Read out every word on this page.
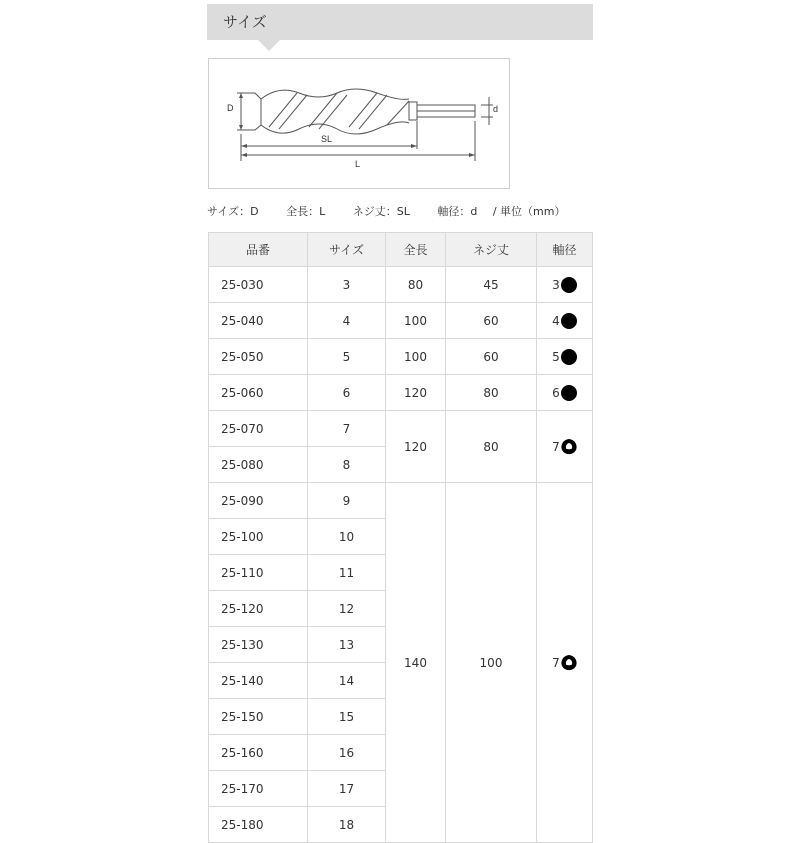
サイズ
D
SL
L
d
サイズ：D	全長：L	ネジ丈：SL	軸径：d / 単位（mm）
品番	サイズ	全長	ネジ丈	軸径
25-030	3	80	45	3

25-040	4	100	60	4

25-050	5	100	60	5

25-060	6	120	80	6

25-070	7	120	80	7

25-080	8			
25-090	9	140	100	7

25-100	10			
25-110	11			
25-120	12			
25-130	13			
25-140	14			
25-150	15			
25-160	16			
25-170	17			
25-180	18			
